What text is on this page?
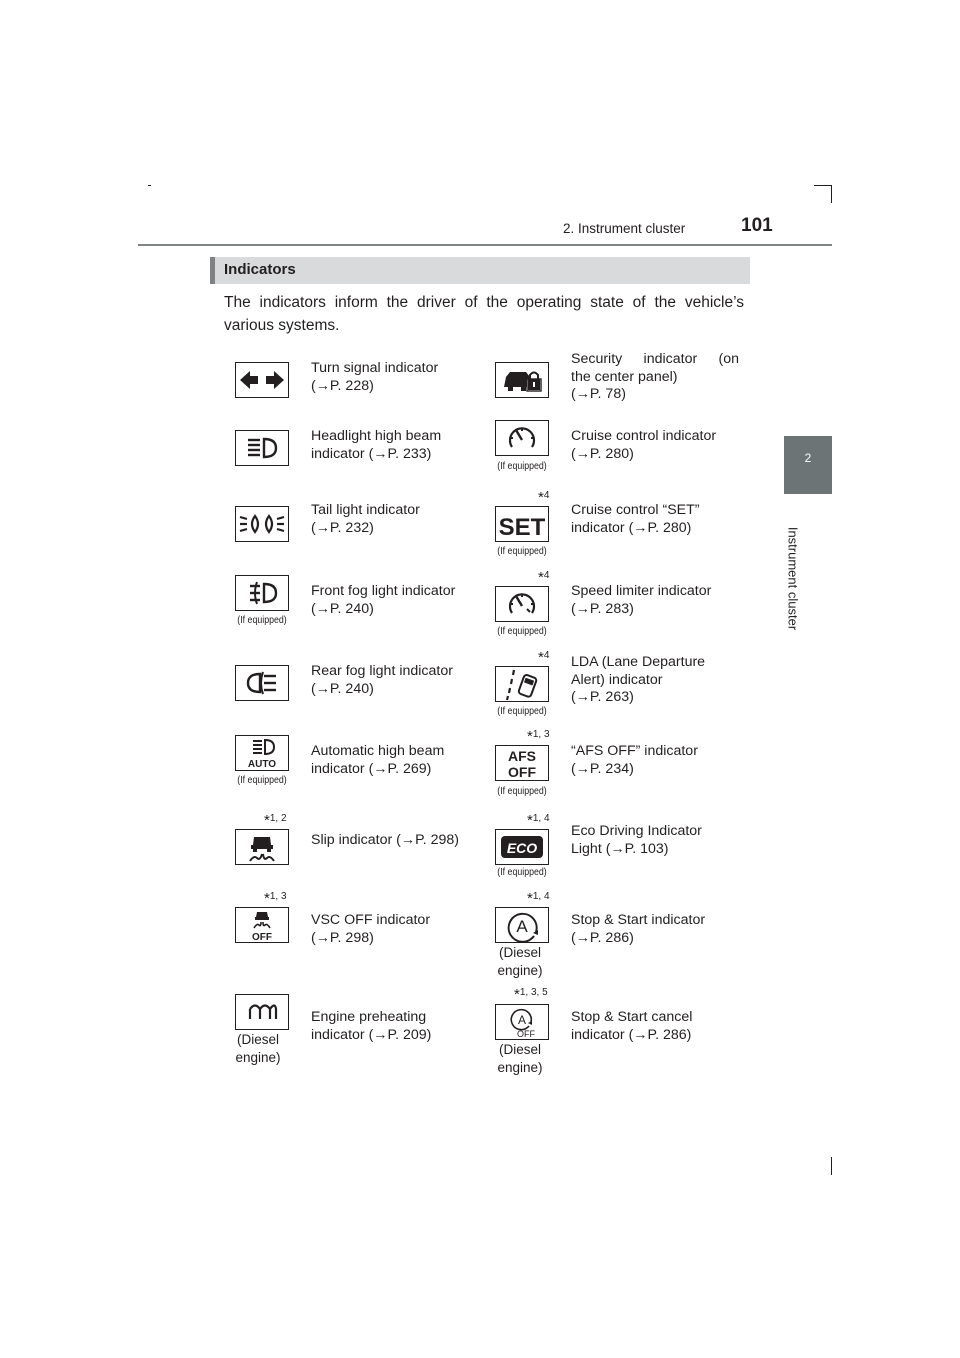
2. Instrument cluster	101
2
Instrument cluster
Indicators
The indicators inform the driver of the operating state of the vehicle’s various systems.
Turn signal indicator
(→P. 228)
Headlight high beam
indicator (→P. 233)
Tail light indicator
(→P. 232)
(If equipped)
Front fog light indicator
(→P. 240)
Rear fog light indicator
(→P. 240)
AUTO
(If equipped)
Automatic high beam
indicator (→P. 269)
*$^{1, 2}$
Slip indicator (→P. 298)
*$^{1, 3}$
OFF
VSC OFF indicator
(→P. 298)
(Diesel
engine)
Engine preheating
indicator (→P. 209)
Security indicator (on
the center panel)
(→P. 78)
(If equipped)
Cruise control indicator
(→P. 280)
*$^4$
SET
(If equipped)
Cruise control “SET”
indicator (→P. 280)
*$^4$
(If equipped)
Speed limiter indicator
(→P. 283)
*$^4$
(If equipped)
LDA (Lane Departure
Alert) indicator
(→P. 263)
*$^{1, 3}$
AFS
OFF
(If equipped)
“AFS OFF” indicator
(→P. 234)
*$^{1, 4}$
ECO
(If equipped)
Eco Driving Indicator
Light (→P. 103)
*$^{1, 4}$
A
(Diesel
engine)
Stop & Start indicator
(→P. 286)
*$^{1, 3, 5}$
A
OFF
(Diesel
engine)
Stop & Start cancel
indicator (→P. 286)
